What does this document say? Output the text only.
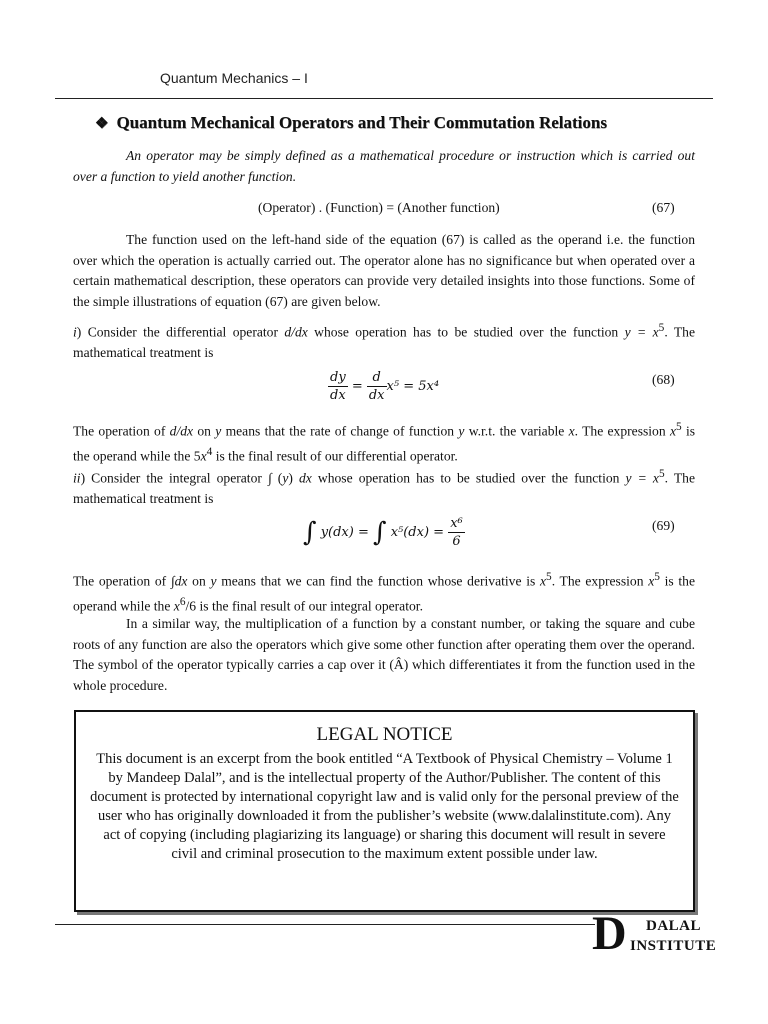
Quantum Mechanics – I
❖ Quantum Mechanical Operators and Their Commutation Relations
An operator may be simply defined as a mathematical procedure or instruction which is carried out over a function to yield another function.
(Operator) . (Function) = (Another function)	(67)
The function used on the left-hand side of the equation (67) is called as the operand i.e. the function over which the operation is actually carried out. The operator alone has no significance but when operated over a certain mathematical description, these operators can provide very detailed insights into those functions. Some of the simple illustrations of equation (67) are given below.
i) Consider the differential operator d/dx whose operation has to be studied over the function $y = x^5$. The mathematical treatment is
$\frac{dy}{dx} = \frac{d}{dx} x^5 = 5x^4$	(68)
The operation of d/dx on y means that the rate of change of function y w.r.t. the variable x. The expression $x^5$ is the operand while the $5x^4$ is the final result of our differential operator.
ii) Consider the integral operator ∫ (y) dx whose operation has to be studied over the function $y = x^5$. The mathematical treatment is
∫ y(dx) = ∫ $x^5(dx) = \frac{\text{x⁶}}{6}$	(69)
The operation of ∫dx on y means that we can find the function whose derivative is $x^5$. The expression $x^5$ is the operand while the $x^6/6$ is the final result of our integral operator.
In a similar way, the multiplication of a function by a constant number, or taking the square and cube roots of any function are also the operators which give some other function after operating them over the operand. The symbol of the operator typically carries a cap over it (Â) which differentiates it from the function used in the whole procedure.
LEGAL NOTICE
This document is an excerpt from the book entitled “A Textbook of Physical Chemistry – Volume 1 by Mandeep Dalal”, and is the intellectual property of the Author/Publisher. The content of this document is protected by international copyright law and is valid only for the personal preview of the user who has originally downloaded it from the publisher’s website (www.dalalinstitute.com). Any act of copying (including plagiarizing its language) or sharing this document will result in severe civil and criminal prosecution to the maximum extent possible under law.
D DALAL
INSTITUTE
